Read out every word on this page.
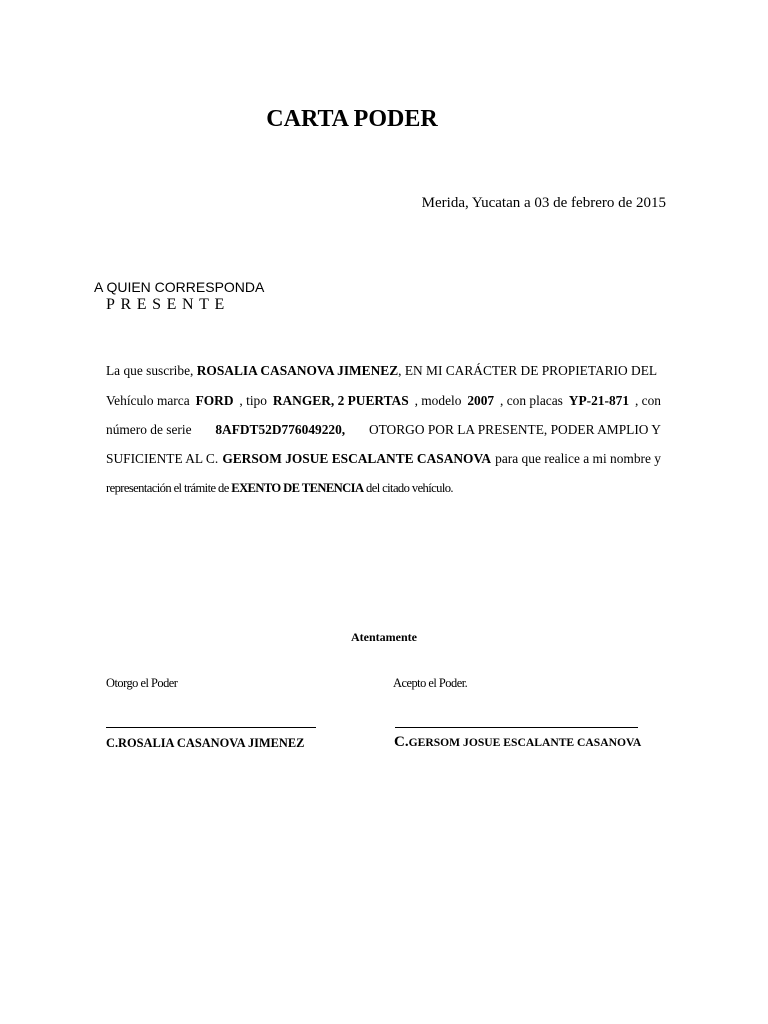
CARTA PODER
Merida, Yucatan a 03 de febrero de 2015
A QUIEN CORRESPONDA
PRESENTE
La que suscribe, ROSALIA CASANOVA JIMENEZ, EN MI CARÁCTER DE PROPIETARIO DEL
Vehículo marca FORD , tipo RANGER, 2 PUERTAS , modelo 2007 , con placas YP-21-871 , con
número de serie 8AFDT52D776049220, OTORGO POR LA PRESENTE, PODER AMPLIO Y
SUFICIENTE AL C. GERSOM JOSUE ESCALANTE CASANOVA para que realice a mi nombre y
representación el trámite de EXENTO DE TENENCIA del citado vehículo.
Atentamente
Otorgo el Poder	Acepto el Poder.
C.ROSALIA CASANOVA JIMENEZ	C.GERSOM JOSUE ESCALANTE CASANOVA
